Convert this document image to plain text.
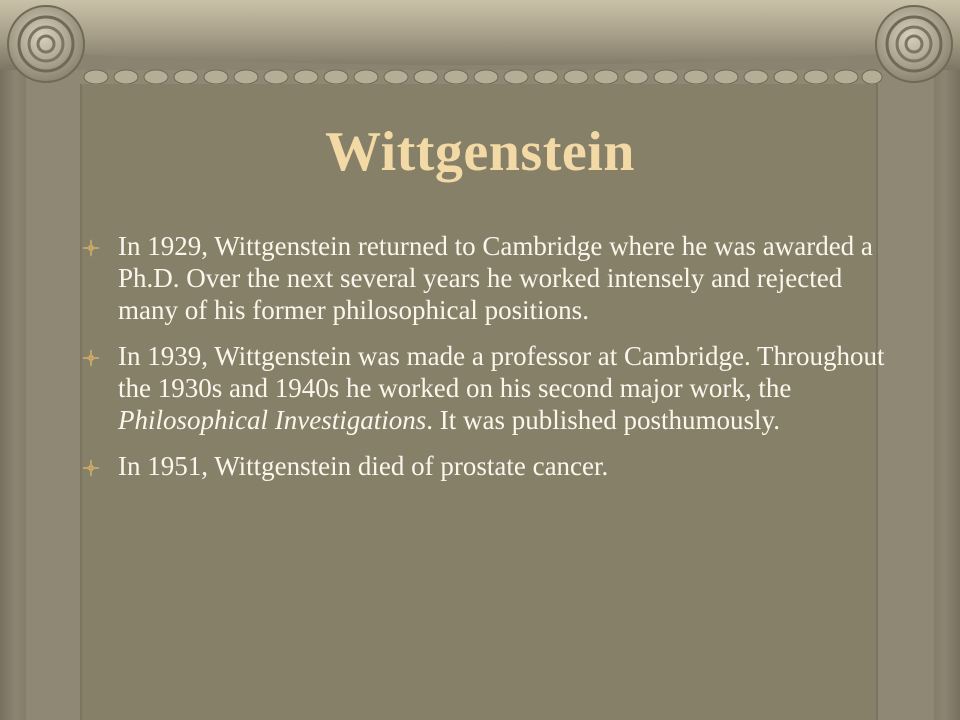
Wittgenstein
In 1929, Wittgenstein returned to Cambridge where he was awarded a Ph.D. Over the next several years he worked intensely and rejected many of his former philosophical positions.
In 1939, Wittgenstein was made a professor at Cambridge. Throughout the 1930s and 1940s he worked on his second major work, the Philosophical Investigations. It was published posthumously.
In 1951, Wittgenstein died of prostate cancer.
